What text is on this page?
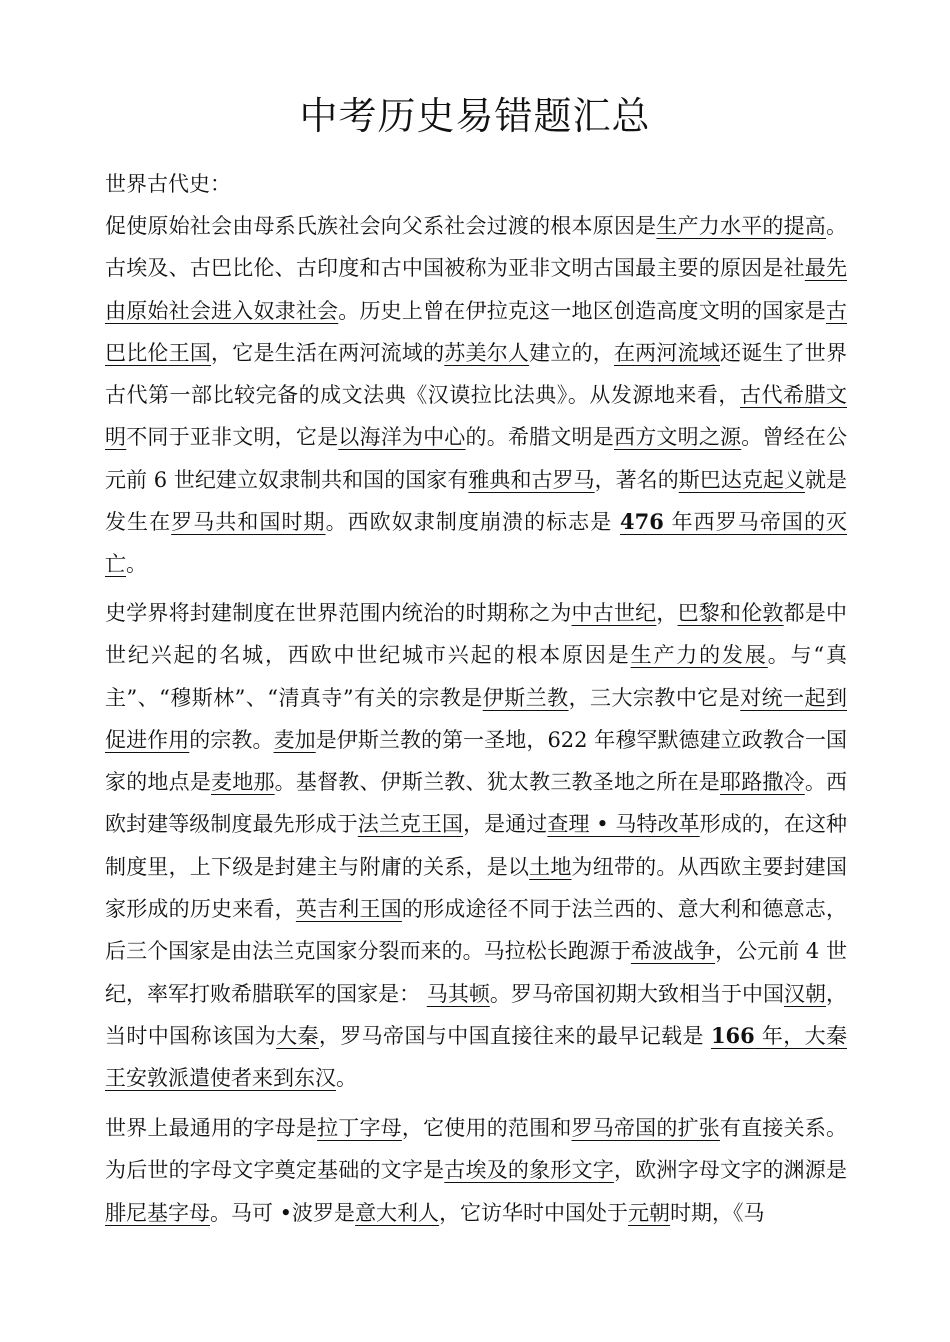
中考历史易错题汇总

世界古代史：

促使原始社会由母系氏族社会向父系社会过渡的根本原因是生产力水平的提高。古埃及、古巴比伦、古印度和古中国被称为亚非文明古国最主要的原因是社最先由原始社会进入奴隶社会。历史上曾在伊拉克这一地区创造高度文明的国家是古巴比伦王国，它是生活在两河流域的苏美尔人建立的，在两河流域还诞生了世界古代第一部比较完备的成文法典《汉谟拉比法典》。从发源地来看，古代希腊文明不同于亚非文明，它是以海洋为中心的。希腊文明是西方文明之源。曾经在公元前 6 世纪建立奴隶制共和国的国家有雅典和古罗马，著名的斯巴达克起义就是发生在罗马共和国时期。西欧奴隶制度崩溃的标志是 476 年西罗马帝国的灭亡。

史学界将封建制度在世界范围内统治的时期称之为中古世纪，巴黎和伦敦都是中世纪兴起的名城，西欧中世纪城市兴起的根本原因是生产力的发展。与“真主”、“穆斯林”、“清真寺”有关的宗教是伊斯兰教，三大宗教中它是对统一起到促进作用的宗教。麦加是伊斯兰教的第一圣地，622 年穆罕默德建立政教合一国家的地点是麦地那。基督教、伊斯兰教、犹太教三教圣地之所在是耶路撒冷。西欧封建等级制度最先形成于法兰克王国，是通过查理 • 马特改革形成的，在这种制度里，上下级是封建主与附庸的关系，是以土地为纽带的。从西欧主要封建国家形成的历史来看，英吉利王国的形成途径不同于法兰西的、意大利和德意志，后三个国家是由法兰克国家分裂而来的。马拉松长跑源于希波战争，公元前 4 世纪，率军打败希腊联军的国家是： 马其顿。罗马帝国初期大致相当于中国汉朝，当时中国称该国为大秦，罗马帝国与中国直接往来的最早记载是 166 年，大秦王安敦派遣使者来到东汉。

世界上最通用的字母是拉丁字母，它使用的范围和罗马帝国的扩张有直接关系。为后世的字母文字奠定基础的文字是古埃及的象形文字，欧洲字母文字的渊源是腓尼基字母。马可 •波罗是意大利人，它访华时中国处于元朝时期，《马
